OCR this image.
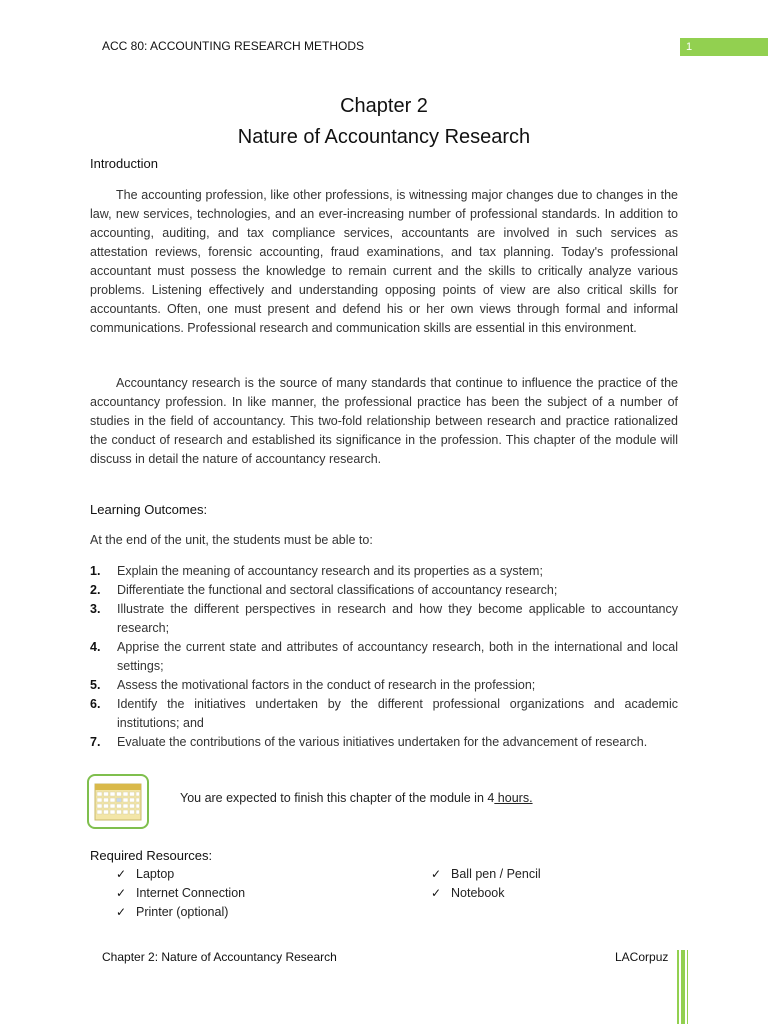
ACC 80: ACCOUNTING RESEARCH METHODS	1
Chapter 2
Nature of Accountancy Research
Introduction

The accounting profession, like other professions, is witnessing major changes due to changes in the law, new services, technologies, and an ever-increasing number of professional standards. In addition to accounting, auditing, and tax compliance services, accountants are involved in such services as attestation reviews, forensic accounting, fraud examinations, and tax planning. Today's professional accountant must possess the knowledge to remain current and the skills to critically analyze various problems. Listening effectively and understanding opposing points of view are also critical skills for accountants. Often, one must present and defend his or her own views through formal and informal communications. Professional research and communication skills are essential in this environment.

Accountancy research is the source of many standards that continue to influence the practice of the accountancy profession. In like manner, the professional practice has been the subject of a number of studies in the field of accountancy. This two-fold relationship between research and practice rationalized the conduct of research and established its significance in the profession. This chapter of the module will discuss in detail the nature of accountancy research.

Learning Outcomes:
At the end of the unit, the students must be able to:
1. Explain the meaning of accountancy research and its properties as a system;
2. Differentiate the functional and sectoral classifications of accountancy research;
3. Illustrate the different perspectives in research and how they become applicable to accountancy research;
4. Apprise the current state and attributes of accountancy research, both in the international and local settings;
5. Assess the motivational factors in the conduct of research in the profession;
6. Identify the initiatives undertaken by the different professional organizations and academic institutions; and
7. Evaluate the contributions of the various initiatives undertaken for the advancement of research.
You are expected to finish this chapter of the module in 4 hours.
Required Resources:
✓ Laptop
✓ Internet Connection
✓ Printer (optional)
✓ Ball pen / Pencil
✓ Notebook
Chapter 2: Nature of Accountancy Research	LACorpuz
